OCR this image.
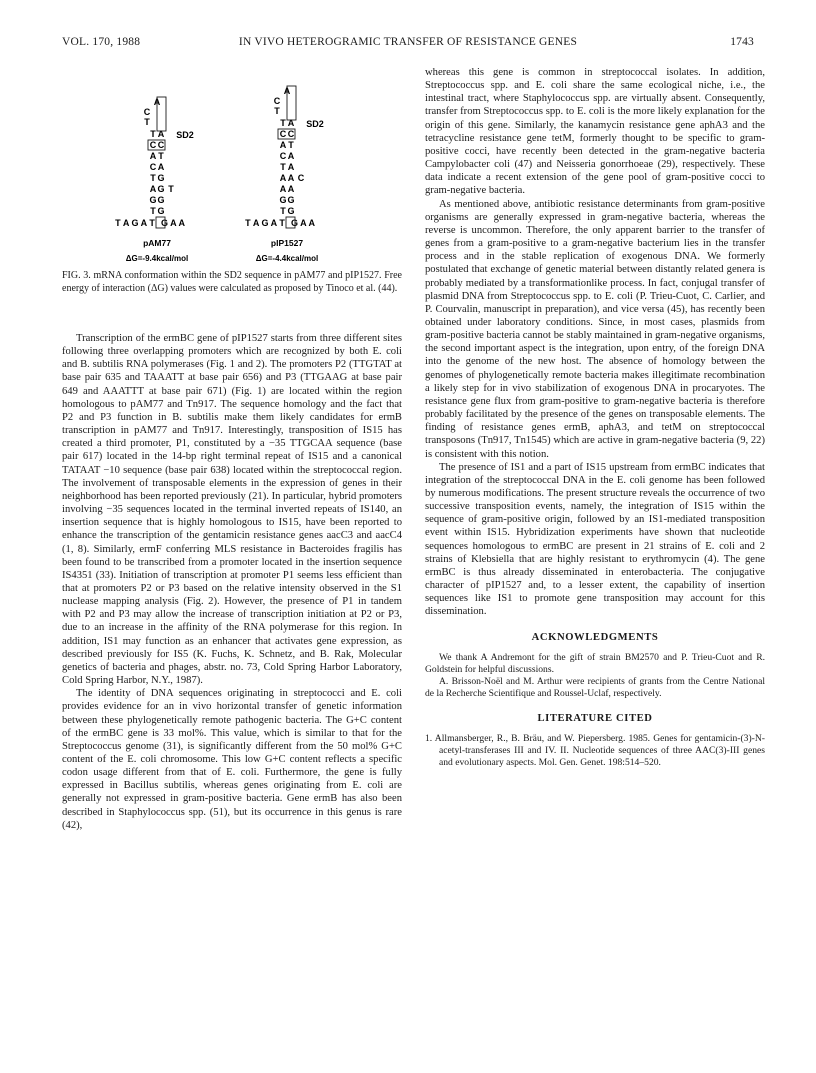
VOL. 170, 1988	IN VIVO HETEROGRAMIC TRANSFER OF RESISTANCE GENES	1743
A
C
T
T A
C C
A T
C A
T G
A G
G G
T G
SD2
T
T A G A T G A A
pAM77
ΔG=-9.4kcal/mol
A
C
T
T A
C C
A T
C A
T A
A A
A A
G G
T G
SD2
C
T A G A T G A A
pIP1527
ΔG=-4.4kcal/mol
FIG. 3. mRNA conformation within the SD2 sequence in pAM77 and pIP1527. Free energy of interaction (ΔG) values were calculated as proposed by Tinoco et al. (44).

Transcription of the ermBC gene of pIP1527 starts from three different sites following three overlapping promoters which are recognized by both E. coli and B. subtilis RNA polymerases (Fig. 1 and 2). The promoters P2 (TTGTAT at base pair 635 and TAAATT at base pair 656) and P3 (TTGAAG at base pair 649 and AAATTT at base pair 671) (Fig. 1) are located within the region homologous to pAM77 and Tn917. The sequence homology and the fact that P2 and P3 function in B. subtilis make them likely candidates for ermB transcription in pAM77 and Tn917. Interestingly, transposition of IS15 has created a third promoter, P1, constituted by a −35 TTGCAA sequence (base pair 617) located in the 14-bp right terminal repeat of IS15 and a canonical TATAAT −10 sequence (base pair 638) located within the streptococcal region. The involvement of transposable elements in the expression of genes in their neighborhood has been reported previously (21). In particular, hybrid promoters involving −35 sequences located in the terminal inverted repeats of IS140, an insertion sequence that is highly homologous to IS15, have been reported to enhance the transcription of the gentamicin resistance genes aacC3 and aacC4 (1, 8). Similarly, ermF conferring MLS resistance in Bacteroides fragilis has been found to be transcribed from a promoter located in the insertion sequence IS4351 (33). Initiation of transcription at promoter P1 seems less efficient than that at promoters P2 or P3 based on the relative intensity observed in the S1 nuclease mapping analysis (Fig. 2). However, the presence of P1 in tandem with P2 and P3 may allow the increase of transcription initiation at P2 or P3, due to an increase in the affinity of the RNA polymerase for this region. In addition, IS1 may function as an enhancer that activates gene expression, as described previously for IS5 (K. Fuchs, K. Schnetz, and B. Rak, Molecular genetics of bacteria and phages, abstr. no. 73, Cold Spring Harbor Laboratory, Cold Spring Harbor, N.Y., 1987).

The identity of DNA sequences originating in streptococci and E. coli provides evidence for an in vivo horizontal transfer of genetic information between these phylogenetically remote pathogenic bacteria. The G+C content of the ermBC gene is 33 mol%. This value, which is similar to that for the Streptococcus genome (31), is significantly different from the 50 mol% G+C content of the E. coli chromosome. This low G+C content reflects a specific codon usage different from that of E. coli. Furthermore, the gene is fully expressed in Bacillus subtilis, whereas genes originating from E. coli are generally not expressed in gram-positive bacteria. Gene ermB has also been described in Staphylococcus spp. (51), but its occurrence in this genus is rare (42),

whereas this gene is common in streptococcal isolates. In addition, Streptococcus spp. and E. coli share the same ecological niche, i.e., the intestinal tract, where Staphylococcus spp. are virtually absent. Consequently, transfer from Streptococcus spp. to E. coli is the more likely explanation for the origin of this gene. Similarly, the kanamycin resistance gene aphA3 and the tetracycline resistance gene tetM, formerly thought to be specific to gram-positive cocci, have recently been detected in the gram-negative bacteria Campylobacter coli (47) and Neisseria gonorrhoeae (29), respectively. These data indicate a recent extension of the gene pool of gram-positive cocci to gram-negative bacteria.

As mentioned above, antibiotic resistance determinants from gram-positive organisms are generally expressed in gram-negative bacteria, whereas the reverse is uncommon. Therefore, the only apparent barrier to the transfer of genes from a gram-positive to a gram-negative bacterium lies in the transfer process and in the stable replication of exogenous DNA. We formerly postulated that exchange of genetic material between distantly related genera is probably mediated by a transformationlike process. In fact, conjugal transfer of plasmid DNA from Streptococcus spp. to E. coli (P. Trieu-Cuot, C. Carlier, and P. Courvalin, manuscript in preparation), and vice versa (45), has recently been obtained under laboratory conditions. Since, in most cases, plasmids from gram-positive bacteria cannot be stably maintained in gram-negative organisms, the second important aspect is the integration, upon entry, of the foreign DNA into the genome of the new host. The absence of homology between the genomes of phylogenetically remote bacteria makes illegitimate recombination a likely step for in vivo stabilization of exogenous DNA in procaryotes. The resistance gene flux from gram-positive to gram-negative bacteria is therefore probably facilitated by the presence of the genes on transposable elements. The finding of resistance genes ermB, aphA3, and tetM on streptococcal transposons (Tn917, Tn1545) which are active in gram-negative bacteria (9, 22) is consistent with this notion.

The presence of IS1 and a part of IS15 upstream from ermBC indicates that integration of the streptococcal DNA in the E. coli genome has been followed by numerous modifications. The present structure reveals the occurrence of two successive transposition events, namely, the integration of IS15 within the sequence of gram-positive origin, followed by an IS1-mediated transposition event within IS15. Hybridization experiments have shown that nucleotide sequences homologous to ermBC are present in 21 strains of E. coli and 2 strains of Klebsiella that are highly resistant to erythromycin (4). The gene ermBC is thus already disseminated in enterobacteria. The conjugative character of pIP1527 and, to a lesser extent, the capability of insertion sequences like IS1 to promote gene transposition may account for this dissemination.

ACKNOWLEDGMENTS

We thank A Andremont for the gift of strain BM2570 and P. Trieu-Cuot and R. Goldstein for helpful discussions.

A. Brisson-Noël and M. Arthur were recipients of grants from the Centre National de la Recherche Scientifique and Roussel-Uclaf, respectively.

LITERATURE CITED
1. Allmansberger, R., B. Bräu, and W. Piepersberg. 1985. Genes for gentamicin-(3)-N-acetyl-transferases III and IV. II. Nucleotide sequences of three AAC(3)-III genes and evolutionary aspects. Mol. Gen. Genet. 198:514–520.
